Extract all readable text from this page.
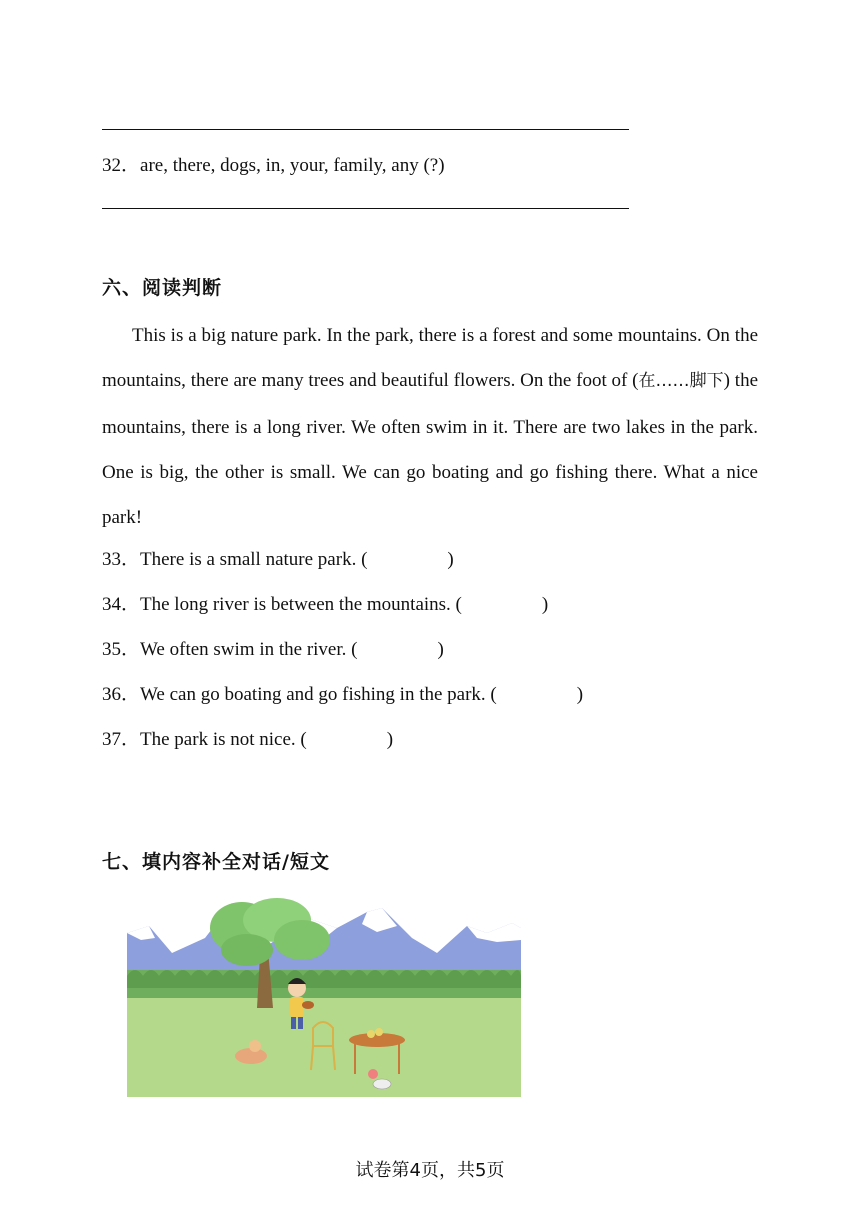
32．are, there, dogs, in, your, family, any (?)
六、阅读判断

This is a big nature park. In the park, there is a forest and some mountains. On the mountains, there are many trees and beautiful flowers. On the foot of (在……脚下) the mountains, there is a long river. We often swim in it. There are two lakes in the park. One is big, the other is small. We can go boating and go fishing there. What a nice park!

33．There is a small nature park. (	)
34．The long river is between the mountains. (	)
35．We often swim in the river. (	)
36．We can go boating and go fishing in the park. (	)
37．The park is not nice. (	)
七、填内容补全对话/短文
试卷第4页，共5页
